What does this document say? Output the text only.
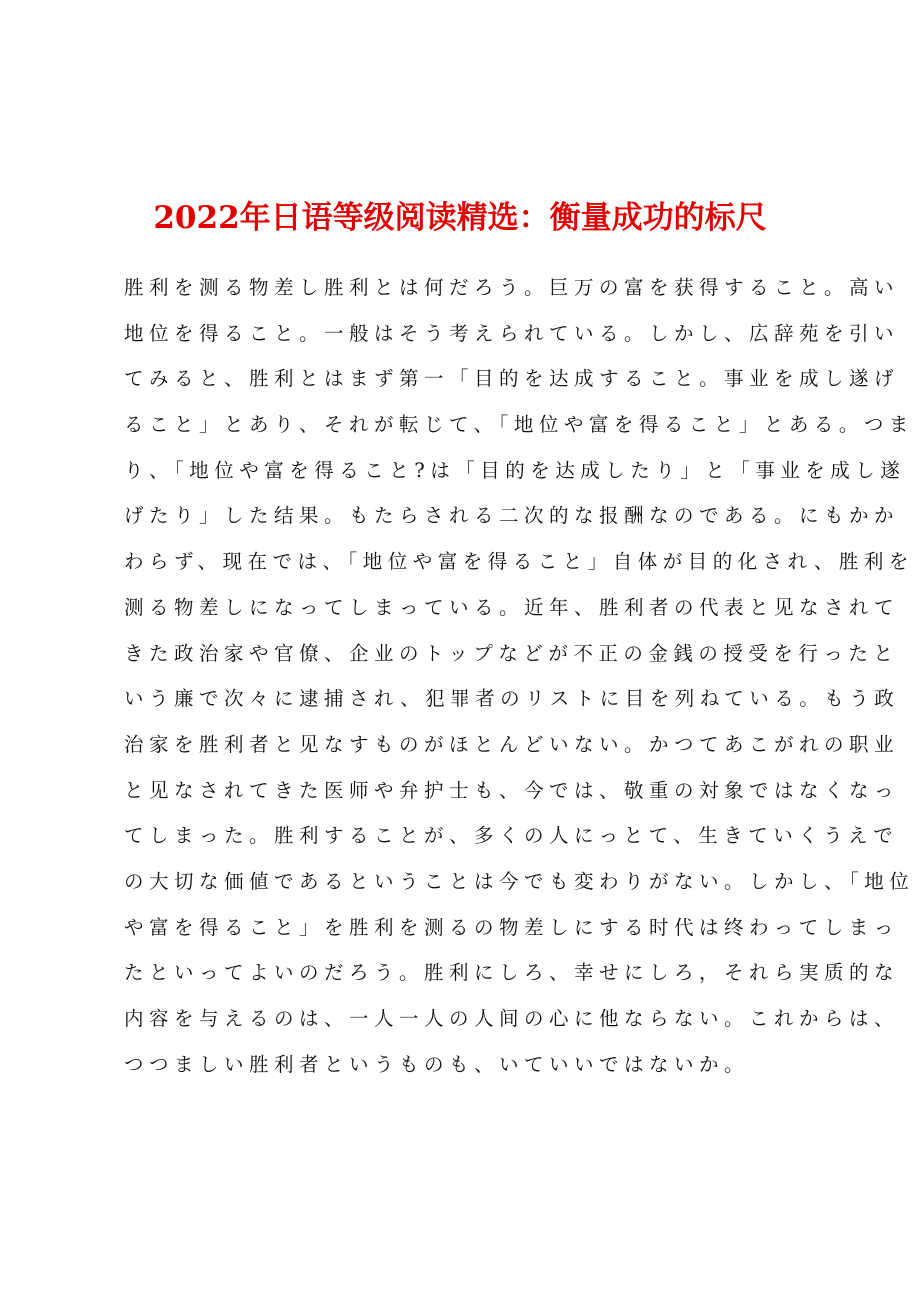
2022年日语等级阅读精选：衡量成功的标尺
胜利を测る物差し胜利とは何だろう。巨万の富を获得すること。高い
地位を得ること。一般はそう考えられている。しかし、広辞苑を引い
てみると、胜利とはまず第一「目的を达成すること。事业を成し遂げ
ること」とあり、それが転じて、「地位や富を得ること」とある。つま
り、「地位や富を得ること?は「目的を达成したり」と「事业を成し遂
げたり」した结果。もたらされる二次的な报酬なのである。にもかか
わらず、现在では、「地位や富を得ること」自体が目的化され、胜利を
测る物差しになってしまっている。近年、胜利者の代表と见なされて
きた政治家や官僚、企业のトップなどが不正の金銭の授受を行ったと
いう廉で次々に逮捕され、犯罪者のリストに目を列ねている。もう政
治家を胜利者と见なすものがほとんどいない。かつてあこがれの职业
と见なされてきた医师や弁护士も、今では、敬重の対象ではなくなっ
てしまった。胜利することが、多くの人にっとて、生きていくうえで
の大切な価値であるということは今でも変わりがない。しかし、「地位
や富を得ること」を胜利を测るの物差しにする时代は终わってしまっ
たといってよいのだろう。胜利にしろ、幸せにしろ，それら実质的な
内容を与えるのは、一人一人の人间の心に他ならない。これからは、
つつましい胜利者というものも、いていいではないか。
